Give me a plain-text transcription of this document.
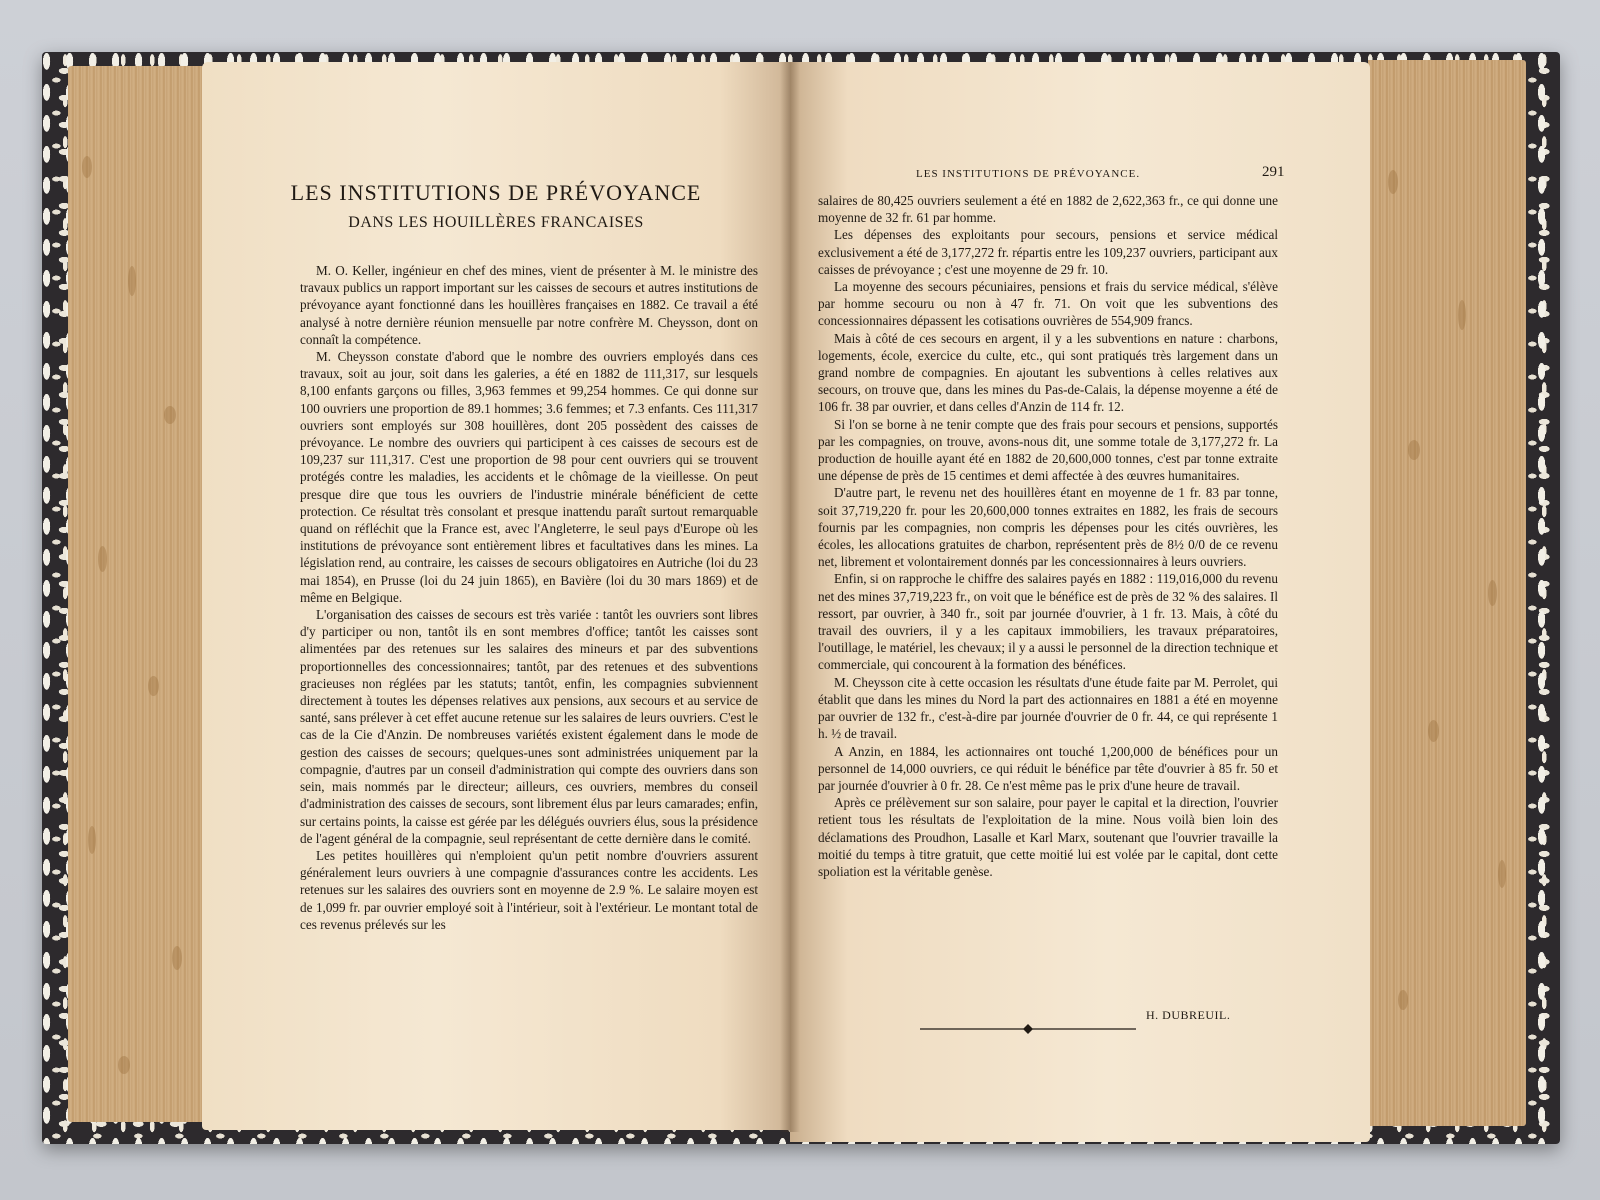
LES INSTITUTIONS DE PRÉVOYANCE
DANS LES HOUILLÈRES FRANCAISES

M. O. Keller, ingénieur en chef des mines, vient de présenter à M. le ministre des travaux publics un rapport important sur les caisses de secours et autres institutions de prévoyance ayant fonctionné dans les houillères françaises en 1882. Ce travail a été analysé à notre dernière réunion mensuelle par notre confrère M. Cheysson, dont on connaît la compétence.

M. Cheysson constate d'abord que le nombre des ouvriers employés dans ces travaux, soit au jour, soit dans les galeries, a été en 1882 de 111,317, sur lesquels 8,100 enfants garçons ou filles, 3,963 femmes et 99,254 hommes. Ce qui donne sur 100 ouvriers une proportion de 89.1 hommes; 3.6 femmes; et 7.3 enfants. Ces 111,317 ouvriers sont employés sur 308 houillères, dont 205 possèdent des caisses de prévoyance. Le nombre des ouvriers qui participent à ces caisses de secours est de 109,237 sur 111,317. C'est une proportion de 98 pour cent ouvriers qui se trouvent protégés contre les maladies, les accidents et le chômage de la vieillesse. On peut presque dire que tous les ouvriers de l'industrie minérale bénéficient de cette protection. Ce résultat très consolant et presque inattendu paraît surtout remarquable quand on réfléchit que la France est, avec l'Angleterre, le seul pays d'Europe où les institutions de prévoyance sont entièrement libres et facultatives dans les mines. La législation rend, au contraire, les caisses de secours obligatoires en Autriche (loi du 23 mai 1854), en Prusse (loi du 24 juin 1865), en Bavière (loi du 30 mars 1869) et de même en Belgique.

L'organisation des caisses de secours est très variée : tantôt les ouvriers sont libres d'y participer ou non, tantôt ils en sont membres d'office; tantôt les caisses sont alimentées par des retenues sur les salaires des mineurs et par des subventions proportionnelles des concessionnaires; tantôt, par des retenues et des subventions gracieuses non réglées par les statuts; tantôt, enfin, les compagnies subviennent directement à toutes les dépenses relatives aux pensions, aux secours et au service de santé, sans prélever à cet effet aucune retenue sur les salaires de leurs ouvriers. C'est le cas de la Cie d'Anzin. De nombreuses variétés existent également dans le mode de gestion des caisses de secours; quelques-unes sont administrées uniquement par la compagnie, d'autres par un conseil d'administration qui compte des ouvriers dans son sein, mais nommés par le directeur; ailleurs, ces ouvriers, membres du conseil d'administration des caisses de secours, sont librement élus par leurs camarades; enfin, sur certains points, la caisse est gérée par les délégués ouvriers élus, sous la présidence de l'agent général de la compagnie, seul représentant de cette dernière dans le comité.

Les petites houillères qui n'emploient qu'un petit nombre d'ouvriers assurent généralement leurs ouvriers à une compagnie d'assurances contre les accidents. Les retenues sur les salaires des ouvriers sont en moyenne de 2.9 %. Le salaire moyen est de 1,099 fr. par ouvrier employé soit à l'intérieur, soit à l'extérieur. Le montant total de ces revenus prélevés sur les

LES INSTITUTIONS DE PRÉVOYANCE.	291

salaires de 80,425 ouvriers seulement a été en 1882 de 2,622,363 fr., ce qui donne une moyenne de 32 fr. 61 par homme.

Les dépenses des exploitants pour secours, pensions et service médical exclusivement a été de 3,177,272 fr. répartis entre les 109,237 ouvriers, participant aux caisses de prévoyance ; c'est une moyenne de 29 fr. 10.

La moyenne des secours pécuniaires, pensions et frais du service médical, s'élève par homme secouru ou non à 47 fr. 71. On voit que les subventions des concessionnaires dépassent les cotisations ouvrières de 554,909 francs.

Mais à côté de ces secours en argent, il y a les subventions en nature : charbons, logements, école, exercice du culte, etc., qui sont pratiqués très largement dans un grand nombre de compagnies. En ajoutant les subventions à celles relatives aux secours, on trouve que, dans les mines du Pas-de-Calais, la dépense moyenne a été de 106 fr. 38 par ouvrier, et dans celles d'Anzin de 114 fr. 12.

Si l'on se borne à ne tenir compte que des frais pour secours et pensions, supportés par les compagnies, on trouve, avons-nous dit, une somme totale de 3,177,272 fr. La production de houille ayant été en 1882 de 20,600,000 tonnes, c'est par tonne extraite une dépense de près de 15 centimes et demi affectée à des œuvres humanitaires.

D'autre part, le revenu net des houillères étant en moyenne de 1 fr. 83 par tonne, soit 37,719,220 fr. pour les 20,600,000 tonnes extraites en 1882, les frais de secours fournis par les compagnies, non compris les dépenses pour les cités ouvrières, les écoles, les allocations gratuites de charbon, représentent près de 8½ 0/0 de ce revenu net, librement et volontairement donnés par les concessionnaires à leurs ouvriers.

Enfin, si on rapproche le chiffre des salaires payés en 1882 : 119,016,000 du revenu net des mines 37,719,223 fr., on voit que le bénéfice est de près de 32 % des salaires. Il ressort, par ouvrier, à 340 fr., soit par journée d'ouvrier, à 1 fr. 13. Mais, à côté du travail des ouvriers, il y a les capitaux immobiliers, les travaux préparatoires, l'outillage, le matériel, les chevaux; il y a aussi le personnel de la direction technique et commerciale, qui concourent à la formation des bénéfices.

M. Cheysson cite à cette occasion les résultats d'une étude faite par M. Perrolet, qui établit que dans les mines du Nord la part des actionnaires en 1881 a été en moyenne par ouvrier de 132 fr., c'est-à-dire par journée d'ouvrier de 0 fr. 44, ce qui représente 1 h. ½ de travail.

A Anzin, en 1884, les actionnaires ont touché 1,200,000 de bénéfices pour un personnel de 14,000 ouvriers, ce qui réduit le bénéfice par tête d'ouvrier à 85 fr. 50 et par journée d'ouvrier à 0 fr. 28. Ce n'est même pas le prix d'une heure de travail.

Après ce prélèvement sur son salaire, pour payer le capital et la direction, l'ouvrier retient tous les résultats de l'exploitation de la mine. Nous voilà bien loin des déclamations des Proudhon, Lasalle et Karl Marx, soutenant que l'ouvrier travaille la moitié du temps à titre gratuit, que cette moitié lui est volée par le capital, dont cette spoliation est la véritable genèse.

H. DUBREUIL.
